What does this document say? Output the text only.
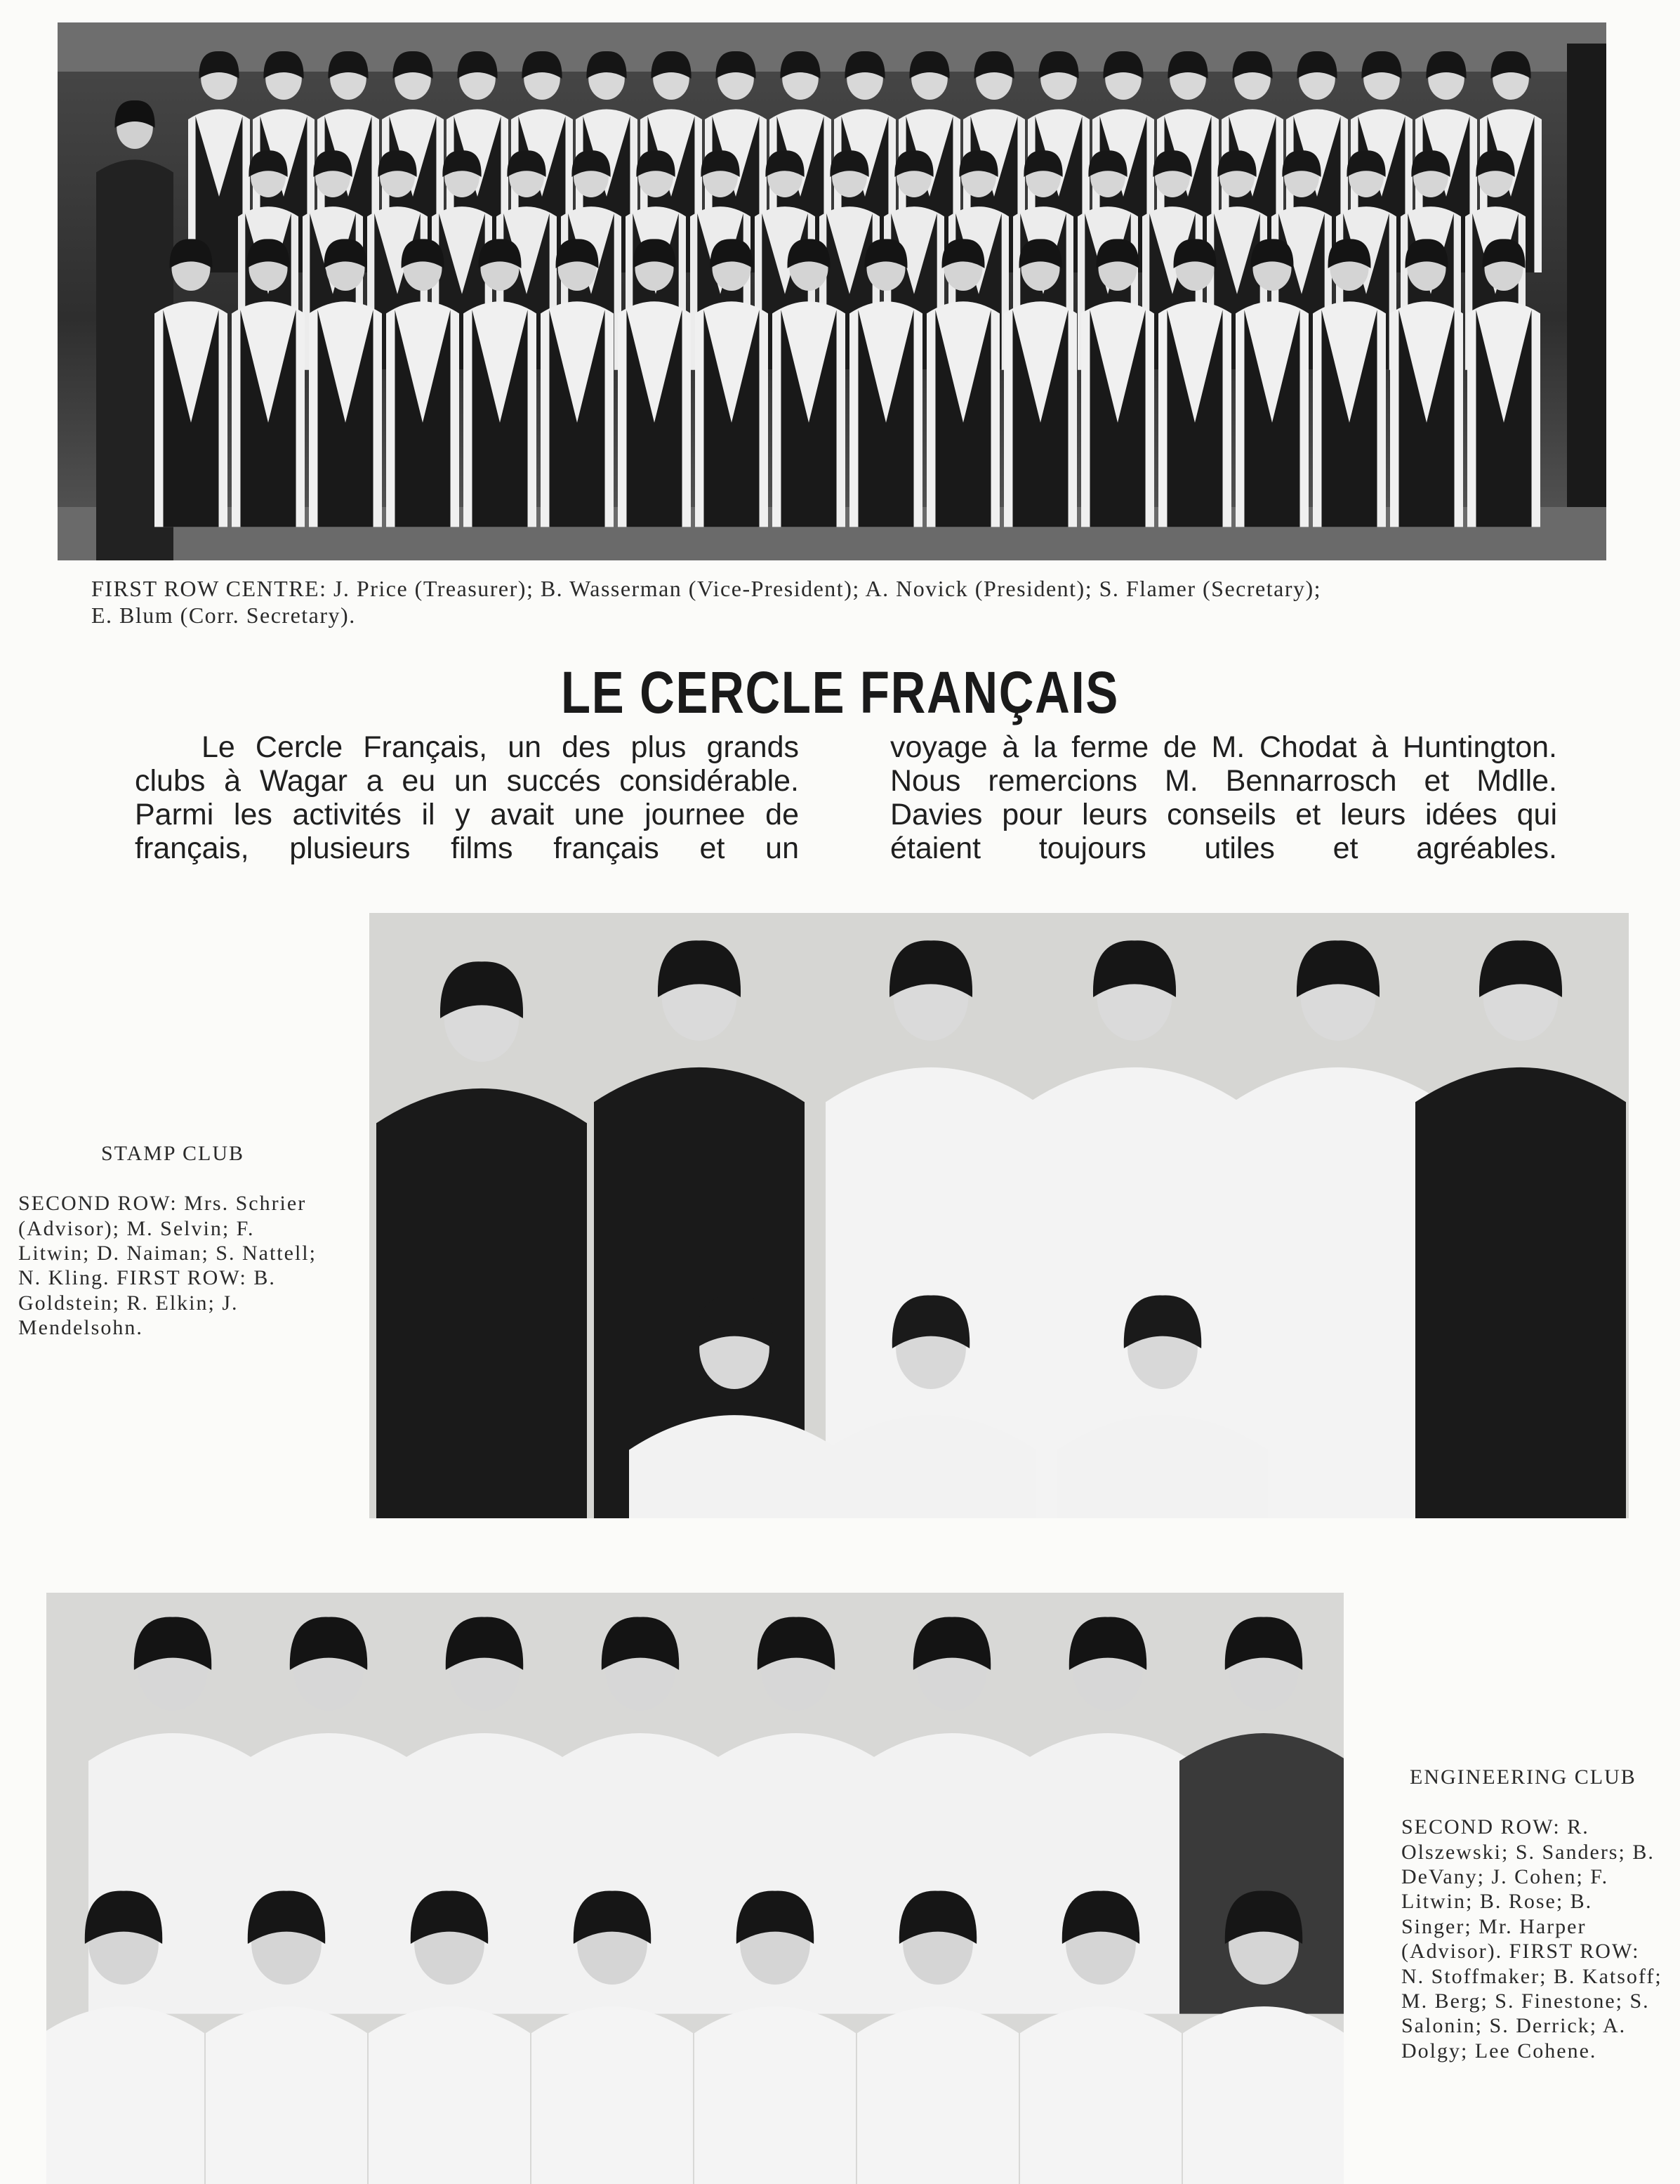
FIRST ROW CENTRE: J. Price (Treasurer); B. Wasserman (Vice-President); A. Novick (President); S. Flamer (Secretary);
E. Blum (Corr. Secretary).
LE CERCLE FRANÇAIS
Le Cercle Français, un des plus grands clubs à Wagar a eu un succés considérable. Parmi les activités il y avait une journee de français, plusieurs films français et un
voyage à la ferme de M. Chodat à Huntington. Nous remercions M. Bennarrosch et Mdlle. Davies pour leurs conseils et leurs idées qui étaient toujours utiles et agréables.

STAMP CLUB

SECOND ROW: Mrs. Schrier (Advisor); M. Selvin; F. Litwin; D. Naiman; S. Nattell; N. Kling. FIRST ROW: B. Goldstein; R. Elkin; J. Mendelsohn.

ENGINEERING CLUB

SECOND ROW: R. Olszewski; S. Sanders; B. DeVany; J. Cohen; F. Litwin; B. Rose; B. Singer; Mr. Harper (Advisor). FIRST ROW: N. Stoffmaker; B. Katsoff; M. Berg; S. Finestone; S. Salonin; S. Derrick; A. Dolgy; Lee Cohene.
